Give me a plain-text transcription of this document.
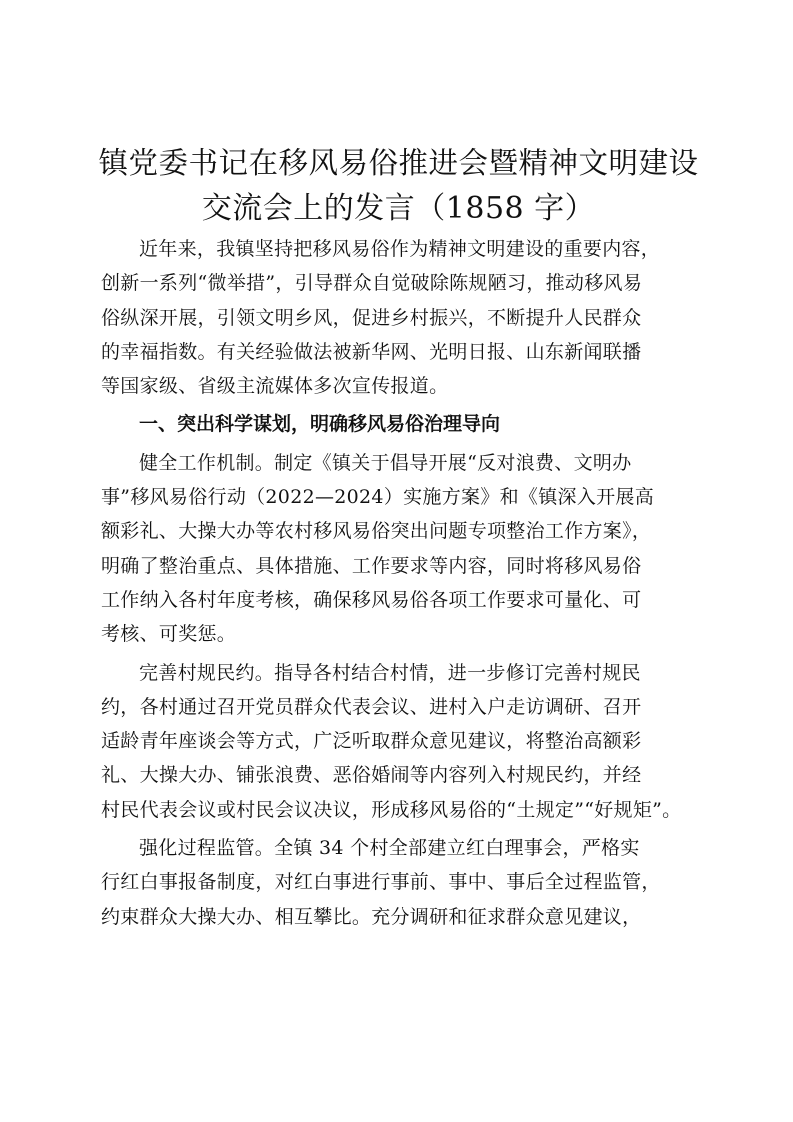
镇党委书记在移风易俗推进会暨精神文明建设
交流会上的发言（1858 字）

近年来，我镇坚持把移风易俗作为精神文明建设的重要内容，
创新一系列“微举措”，引导群众自觉破除陈规陋习，推动移风易
俗纵深开展，引领文明乡风，促进乡村振兴，不断提升人民群众
的幸福指数。有关经验做法被新华网、光明日报、山东新闻联播
等国家级、省级主流媒体多次宣传报道。

一、突出科学谋划，明确移风易俗治理导向

健全工作机制。制定《镇关于倡导开展“反对浪费、文明办
事”移风易俗行动（2022—2024）实施方案》和《镇深入开展高
额彩礼、大操大办等农村移风易俗突出问题专项整治工作方案》，
明确了整治重点、具体措施、工作要求等内容，同时将移风易俗
工作纳入各村年度考核，确保移风易俗各项工作要求可量化、可
考核、可奖惩。

完善村规民约。指导各村结合村情，进一步修订完善村规民
约，各村通过召开党员群众代表会议、进村入户走访调研、召开
适龄青年座谈会等方式，广泛听取群众意见建议，将整治高额彩
礼、大操大办、铺张浪费、恶俗婚闹等内容列入村规民约，并经
村民代表会议或村民会议决议，形成移风易俗的“土规定”“好规矩”。

强化过程监管。全镇 34 个村全部建立红白理事会，严格实
行红白事报备制度，对红白事进行事前、事中、事后全过程监管，
约束群众大操大办、相互攀比。充分调研和征求群众意见建议，
